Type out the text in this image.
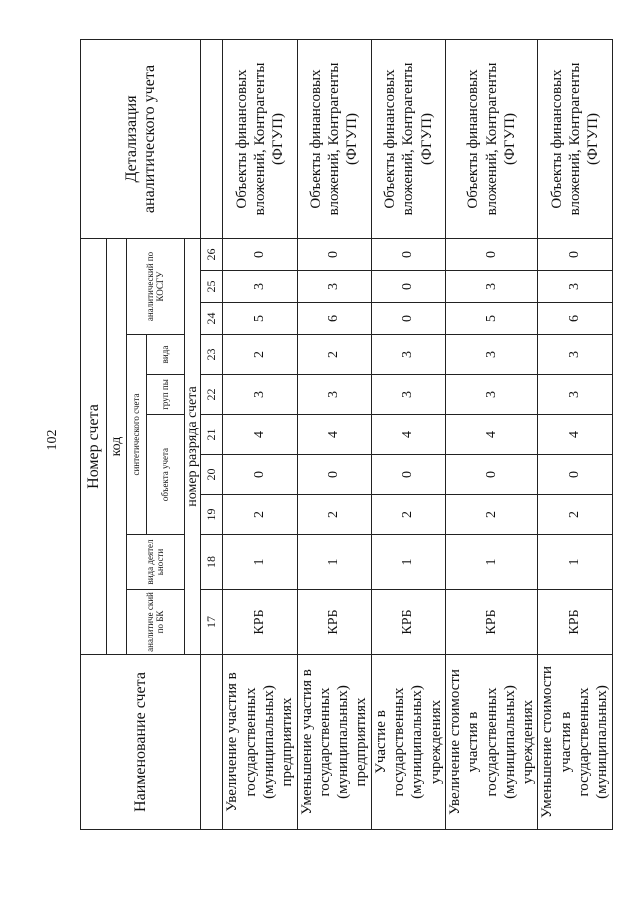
102
Наименование счета	Номер счета										Детализация аналитического учета
	код										
	аналитиче ский по БК	вида деятел ьности	синтетического счета					аналитический по КОСГУ			
			объекта учета			груп пы	вида				
	номер разряда счета										
	17	18	19	20	21	22	23	24	25	26	
Увеличение участия в государственных (муниципальных) предприятиях	КРБ	1	2	0	4	3	2	5	3	0	Объекты финансовых вложений, Контрагенты (ФГУП)
Уменьшение участия в государственных (муниципальных) предприятиях	КРБ	1	2	0	4	3	2	6	3	0	Объекты финансовых вложений, Контрагенты (ФГУП)
Участие в государственных (муниципальных) учреждениях	КРБ	1	2	0	4	3	3	0	0	0	Объекты финансовых вложений, Контрагенты (ФГУП)
Увеличение стоимости участия в государственных (муниципальных) учреждениях	КРБ	1	2	0	4	3	3	5	3	0	Объекты финансовых вложений, Контрагенты (ФГУП)
Уменьшение стоимости участия в государственных (муниципальных)	КРБ	1	2	0	4	3	3	6	3	0	Объекты финансовых вложений, Контрагенты (ФГУП)
